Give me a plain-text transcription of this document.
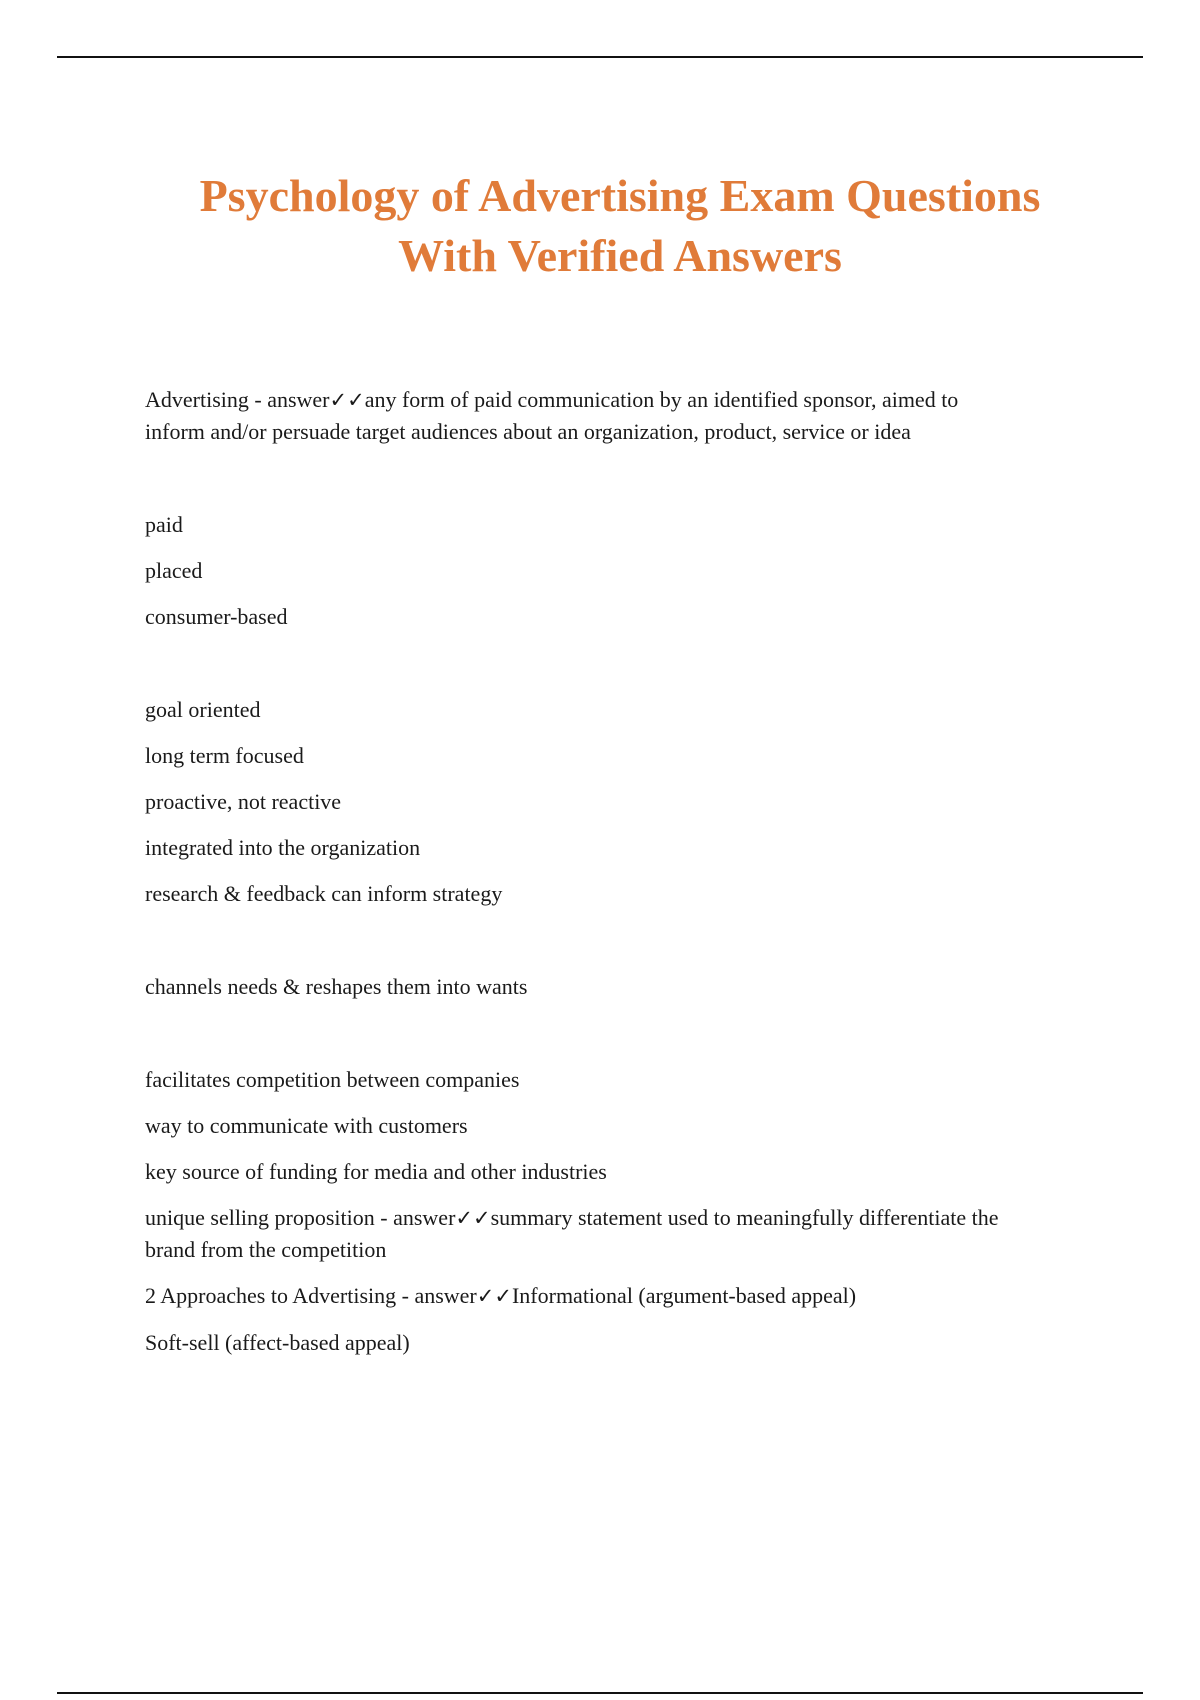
Psychology of Advertising Exam Questions
With Verified Answers

Advertising - answer✓✓any form of paid communication by an identified sponsor, aimed to
inform and/or persuade target audiences about an organization, product, service or idea

paid
placed
consumer-based
goal oriented
long term focused
proactive, not reactive
integrated into the organization
research & feedback can inform strategy
channels needs & reshapes them into wants
facilitates competition between companies
way to communicate with customers
key source of funding for media and other industries

unique selling proposition - answer✓✓summary statement used to meaningfully differentiate the
brand from the competition

2 Approaches to Advertising - answer✓✓Informational (argument-based appeal)

Soft-sell (affect-based appeal)
